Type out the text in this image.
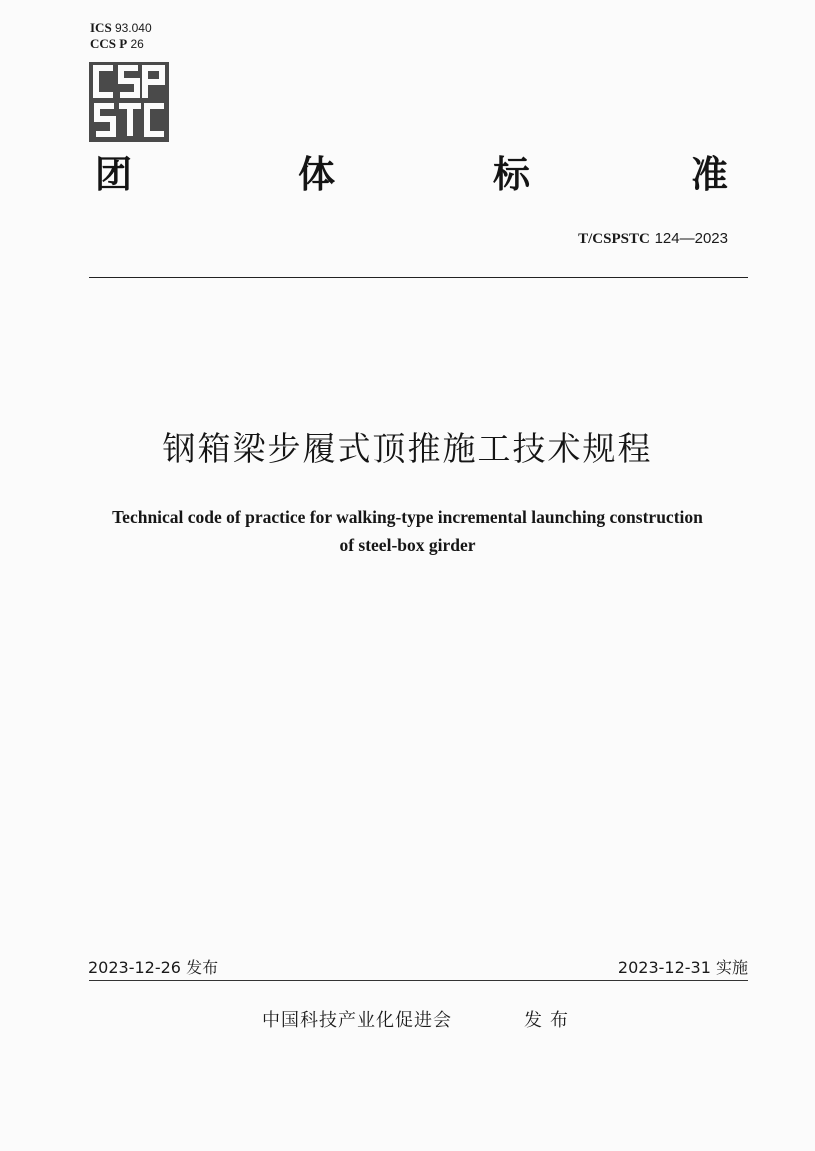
ICS 93.040
CCS P 26
团	体	标	准
T/CSPSTC 124—2023
钢箱梁步履式顶推施工技术规程
Technical code of practice for walking-type incremental launching construction
of steel-box girder
2023-12-26 发布	2023-12-31 实施
中国科技产业化促进会	发布
